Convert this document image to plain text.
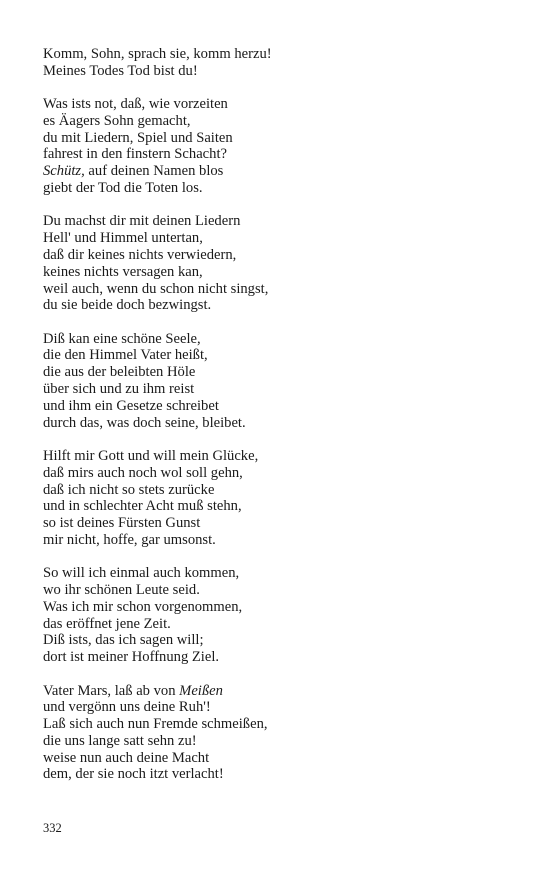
Komm, Sohn, sprach sie, komm herzu!
Meines Todes Tod bist du!
Was ists not, daß, wie vorzeiten
es Äagers Sohn gemacht,
du mit Liedern, Spiel und Saiten
fahrest in den finstern Schacht?
Schütz, auf deinen Namen blos
giebt der Tod die Toten los.
Du machst dir mit deinen Liedern
Hell' und Himmel untertan,
daß dir keines nichts verwiedern,
keines nichts versagen kan,
weil auch, wenn du schon nicht singst,
du sie beide doch bezwingst.
Diß kan eine schöne Seele,
die den Himmel Vater heißt,
die aus der beleibten Höle
über sich und zu ihm reist
und ihm ein Gesetze schreibet
durch das, was doch seine, bleibet.
Hilft mir Gott und will mein Glücke,
daß mirs auch noch wol soll gehn,
daß ich nicht so stets zurücke
und in schlechter Acht muß stehn,
so ist deines Fürsten Gunst
mir nicht, hoffe, gar umsonst.
So will ich einmal auch kommen,
wo ihr schönen Leute seid.
Was ich mir schon vorgenommen,
das eröffnet jene Zeit.
Diß ists, das ich sagen will;
dort ist meiner Hoffnung Ziel.
Vater Mars, laß ab von Meißen
und vergönn uns deine Ruh'!
Laß sich auch nun Fremde schmeißen,
die uns lange satt sehn zu!
weise nun auch deine Macht
dem, der sie noch itzt verlacht!
332
